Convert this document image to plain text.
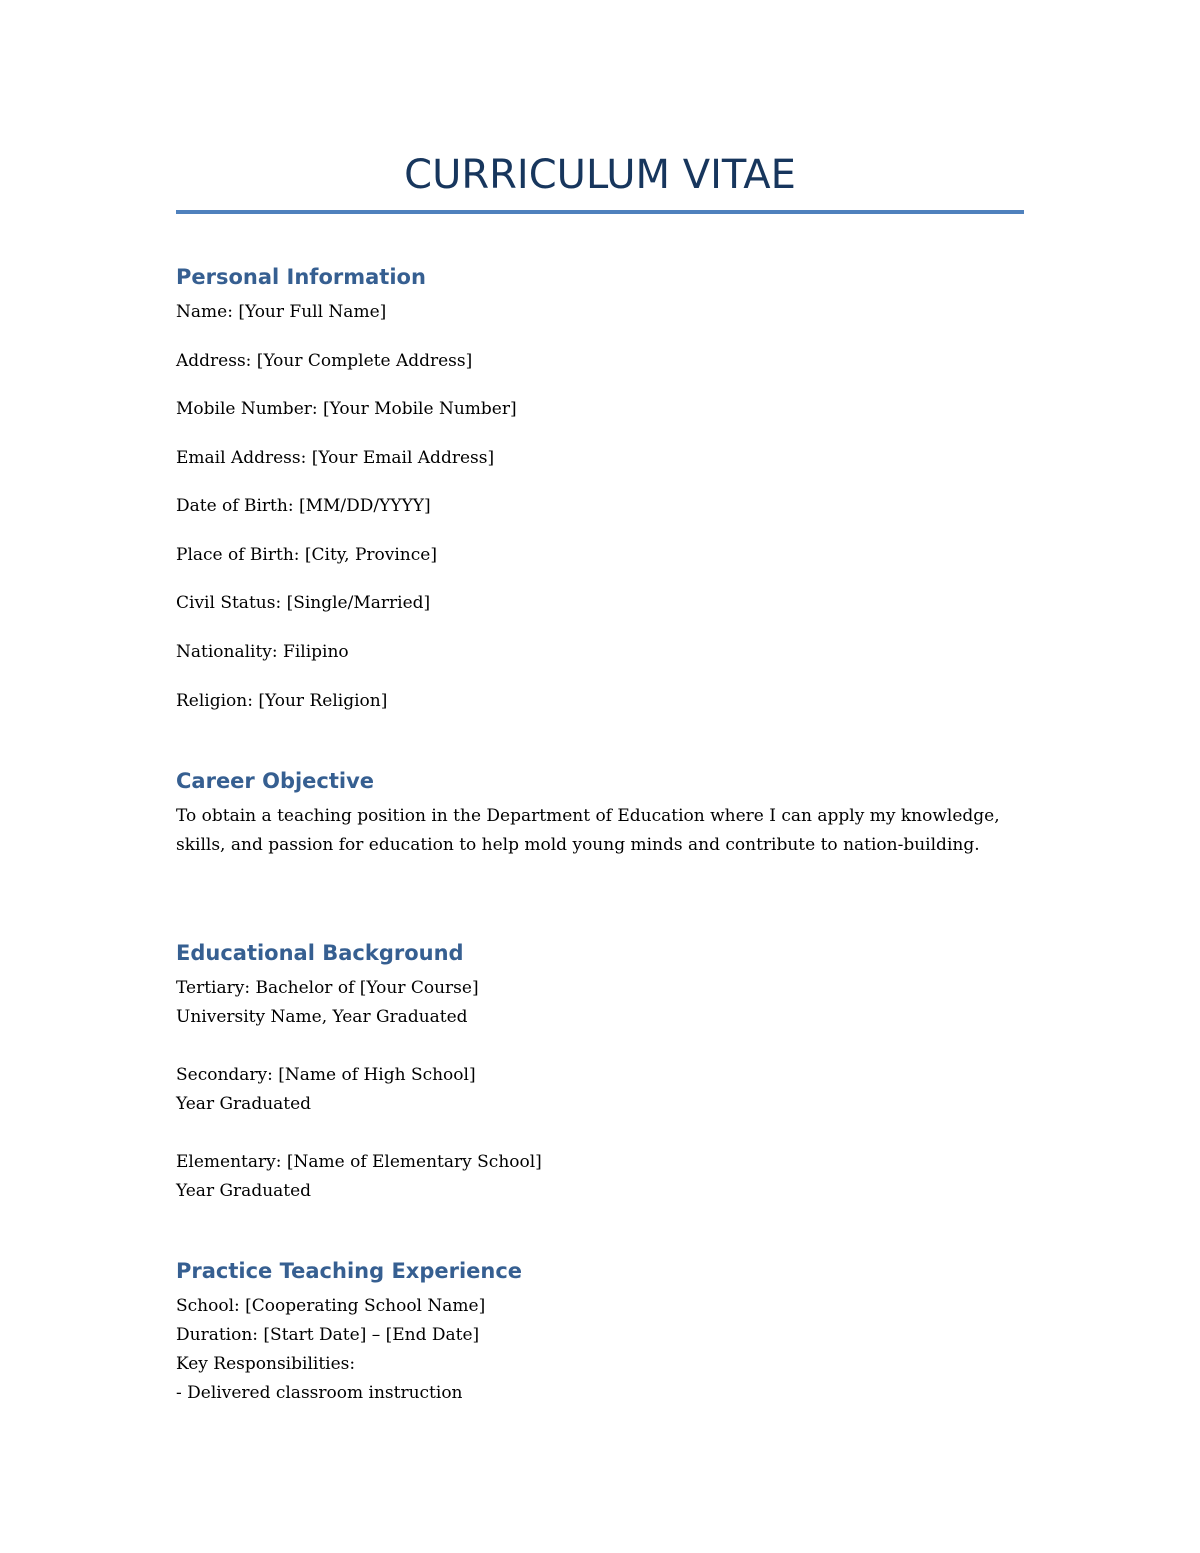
CURRICULUM VITAE
Personal Information
Name: [Your Full Name]
Address: [Your Complete Address]
Mobile Number: [Your Mobile Number]
Email Address: [Your Email Address]
Date of Birth: [MM/DD/YYYY]
Place of Birth: [City, Province]
Civil Status: [Single/Married]
Nationality: Filipino
Religion: [Your Religion]
Career Objective
To obtain a teaching position in the Department of Education where I can apply my knowledge, skills, and passion for education to help mold young minds and contribute to nation-building.
Educational Background
Tertiary: Bachelor of [Your Course]
University Name, Year Graduated
Secondary: [Name of High School]
Year Graduated
Elementary: [Name of Elementary School]
Year Graduated
Practice Teaching Experience
School: [Cooperating School Name]
Duration: [Start Date] – [End Date]
Key Responsibilities:
- Delivered classroom instruction
